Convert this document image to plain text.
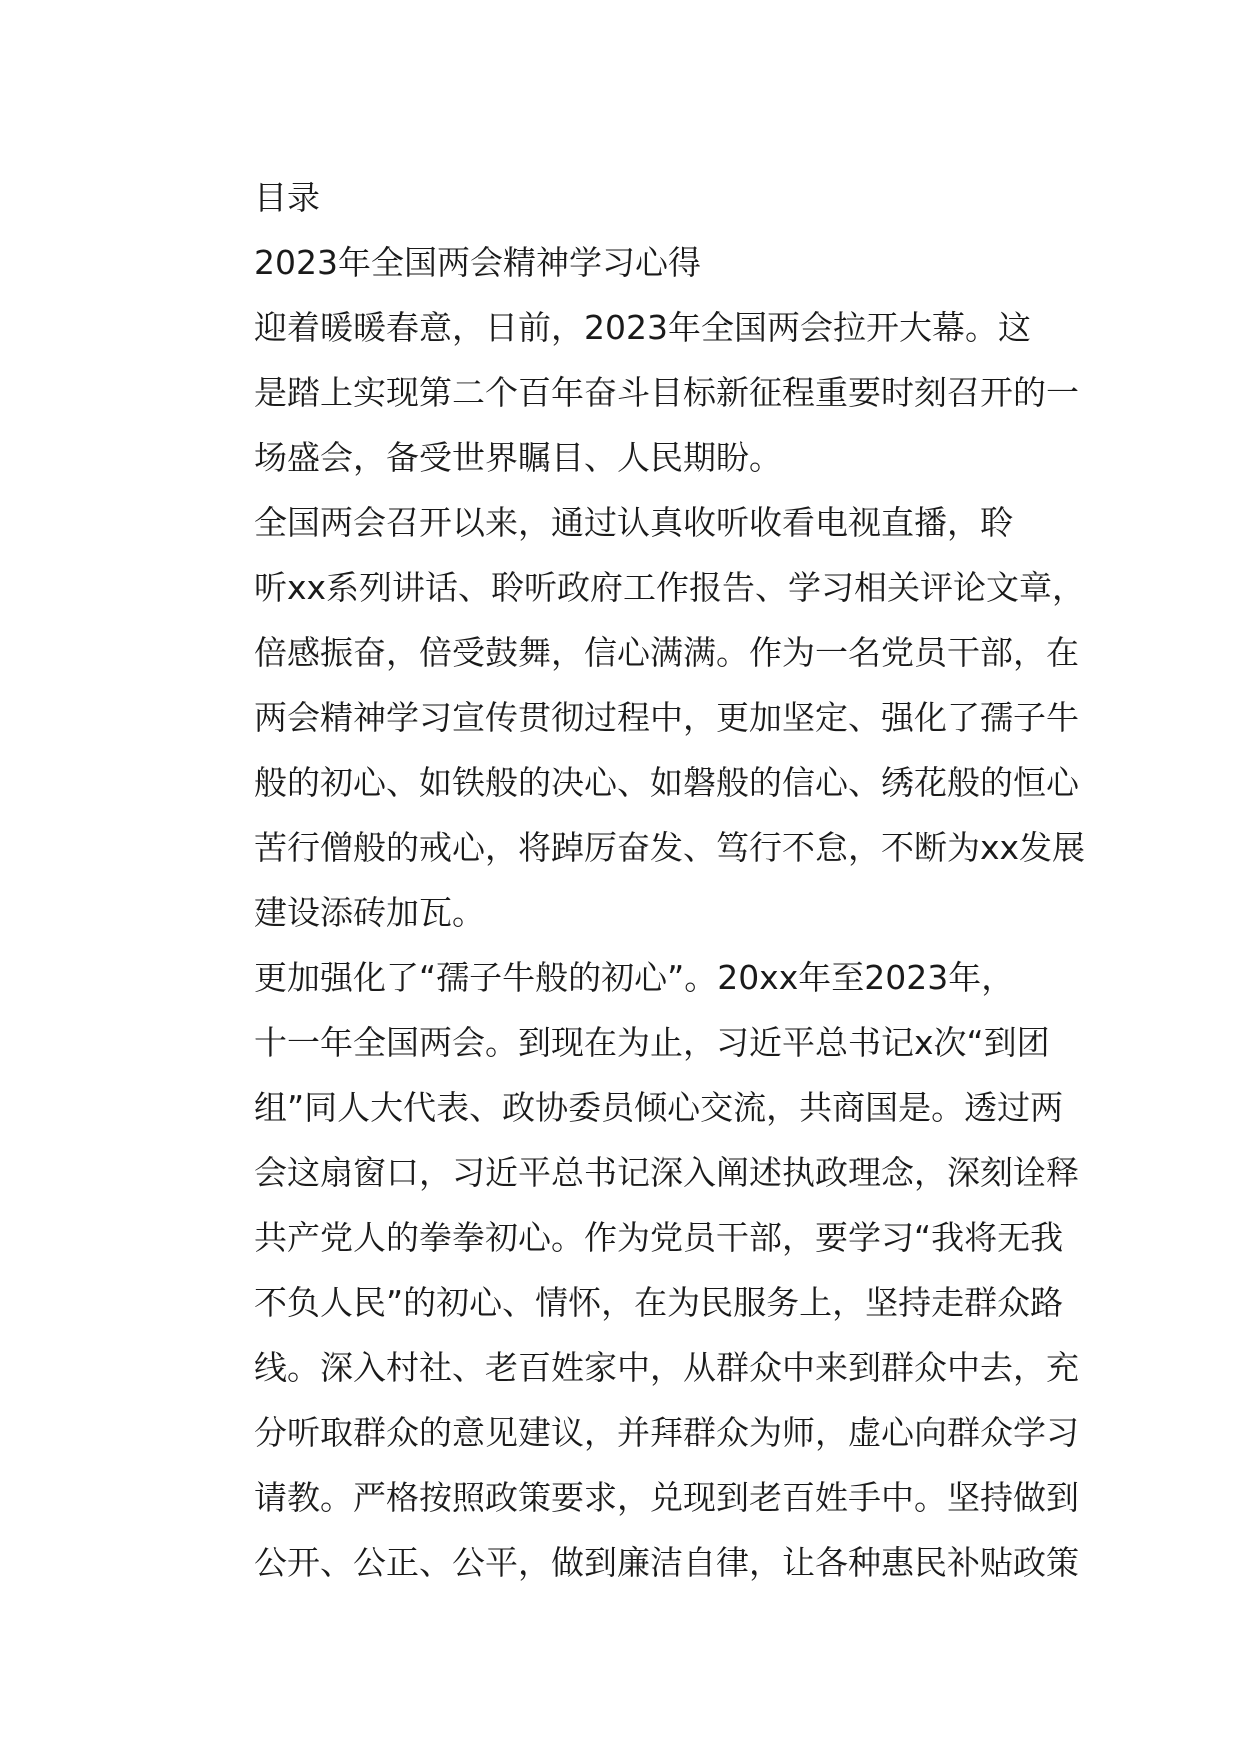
目录
2023年全国两会精神学习心得

迎着暖暖春意，日前，2023年全国两会拉开大幕。这
是踏上实现第二个百年奋斗目标新征程重要时刻召开的一
场盛会，备受世界瞩目、人民期盼。

全国两会召开以来，通过认真收听收看电视直播，聆
听xx系列讲话、聆听政府工作报告、学习相关评论文章，
倍感振奋，倍受鼓舞，信心满满。作为一名党员干部，在
两会精神学习宣传贯彻过程中，更加坚定、强化了孺子牛
般的初心、如铁般的决心、如磐般的信心、绣花般的恒心
苦行僧般的戒心，将踔厉奋发、笃行不怠，不断为xx发展
建设添砖加瓦。

更加强化了“孺子牛般的初心”。20xx年至2023年，
十一年全国两会。到现在为止，习近平总书记x次“到团
组”同人大代表、政协委员倾心交流，共商国是。透过两
会这扇窗口，习近平总书记深入阐述执政理念，深刻诠释
共产党人的拳拳初心。作为党员干部，要学习“我将无我
不负人民”的初心、情怀，在为民服务上，坚持走群众路
线。深入村社、老百姓家中，从群众中来到群众中去，充
分听取群众的意见建议，并拜群众为师，虚心向群众学习
请教。严格按照政策要求，兑现到老百姓手中。坚持做到
公开、公正、公平，做到廉洁自律，让各种惠民补贴政策
